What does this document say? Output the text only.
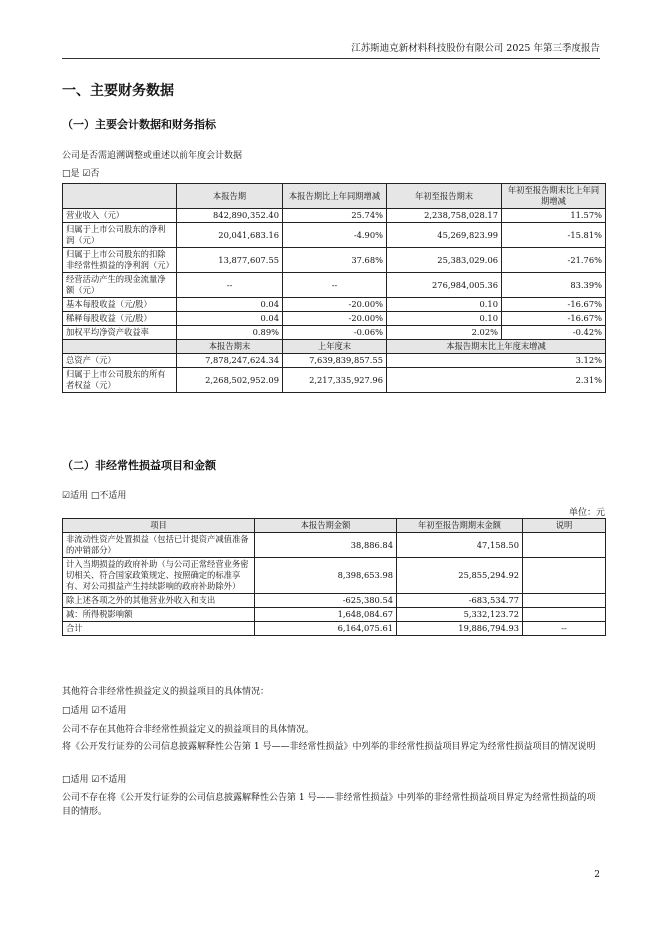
江苏斯迪克新材料科技股份有限公司 2025 年第三季度报告
一、主要财务数据
（一）主要会计数据和财务指标
公司是否需追溯调整或重述以前年度会计数据
□是 ☑否
	本报告期	本报告期比上年同期增减	年初至报告期末	年初至报告期末比上年同期增减
营业收入（元）	842,890,352.40	25.74%	2,238,758,028.17	11.57%
归属于上市公司股东的净利润（元）	20,041,683.16	-4.90%	45,269,823.99	-15.81%
归属于上市公司股东的扣除非经常性损益的净利润（元）	13,877,607.55	37.68%	25,383,029.06	-21.76%
经营活动产生的现金流量净额（元）	--	--	276,984,005.36	83.39%
基本每股收益（元/股）	0.04	-20.00%	0.10	-16.67%
稀释每股收益（元/股）	0.04	-20.00%	0.10	-16.67%
加权平均净资产收益率	0.89%	-0.06%	2.02%	-0.42%
	本报告期末	上年度末	本报告期末比上年度末增减	
总资产（元）	7,878,247,624.34	7,639,839,857.55	3.12%	
归属于上市公司股东的所有者权益（元）	2,268,502,952.09	2,217,335,927.96	2.31%	
（二）非经常性损益项目和金额
☑适用 □不适用
单位：元
项目	本报告期金额	年初至报告期期末金额	说明
非流动性资产处置损益（包括已计提资产减值准备的冲销部分）	38,886.84	47,158.50	
计入当期损益的政府补助（与公司正常经营业务密切相关、符合国家政策规定、按照确定的标准享有、对公司损益产生持续影响的政府补助除外）	8,398,653.98	25,855,294.92	
除上述各项之外的其他营业外收入和支出	-625,380.54	-683,534.77	
减：所得税影响额	1,648,084.67	5,332,123.72	
合计	6,164,075.61	19,886,794.93	--
其他符合非经常性损益定义的损益项目的具体情况：
□适用 ☑不适用
公司不存在其他符合非经常性损益定义的损益项目的具体情况。
将《公开发行证券的公司信息披露解释性公告第 1 号——非经常性损益》中列举的非经常性损益项目界定为经常性损益项目的情况说明
□适用 ☑不适用
公司不存在将《公开发行证券的公司信息披露解释性公告第 1 号——非经常性损益》中列举的非经常性损益项目界定为经常性损益的项目的情形。
2
